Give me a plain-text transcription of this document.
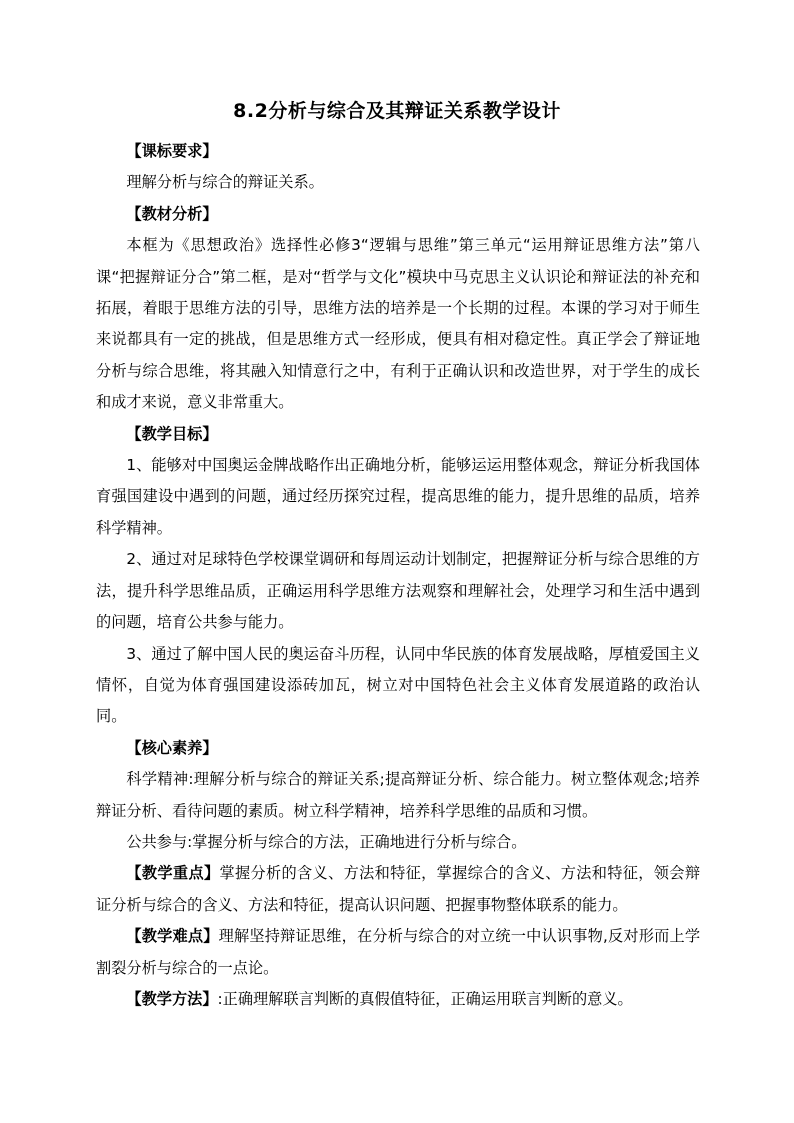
8.2分析与综合及其辩证关系教学设计

【课标要求】

理解分析与综合的辩证关系。

【教材分析】

本框为《思想政治》选择性必修3“逻辑与思维”第三单元“运用辩证思维方法”第八课“把握辩证分合”第二框，是对“哲学与文化”模块中马克思主义认识论和辩证法的补充和拓展，着眼于思维方法的引导，思维方法的培养是一个长期的过程。本课的学习对于师生来说都具有一定的挑战，但是思维方式一经形成，便具有相对稳定性。真正学会了辩证地分析与综合思维，将其融入知情意行之中，有利于正确认识和改造世界，对于学生的成长和成才来说，意义非常重大。

【教学目标】

1、能够对中国奥运金牌战略作出正确地分析，能够运运用整体观念，辩证分析我国体育强国建设中遇到的问题，通过经历探究过程，提高思维的能力，提升思维的品质，培养科学精神。

2、通过对足球特色学校课堂调研和每周运动计划制定，把握辩证分析与综合思维的方法，提升科学思维品质，正确运用科学思维方法观察和理解社会，处理学习和生活中遇到的问题，培育公共参与能力。

3、通过了解中国人民的奥运奋斗历程，认同中华民族的体育发展战略，厚植爱国主义情怀，自觉为体育强国建设添砖加瓦，树立对中国特色社会主义体育发展道路的政治认同。

【核心素养】

科学精神:理解分析与综合的辩证关系;提高辩证分析、综合能力。树立整体观念;培养辩证分析、看待问题的素质。树立科学精神，培养科学思维的品质和习惯。

公共参与:掌握分析与综合的方法，正确地进行分析与综合。

【教学重点】掌握分析的含义、方法和特征，掌握综合的含义、方法和特征，领会辩证分析与综合的含义、方法和特征，提高认识问题、把握事物整体联系的能力。

【教学难点】理解坚持辩证思维，在分析与综合的对立统一中认识事物,反对形而上学割裂分析与综合的一点论。

【教学方法】:正确理解联言判断的真假值特征，正确运用联言判断的意义。
